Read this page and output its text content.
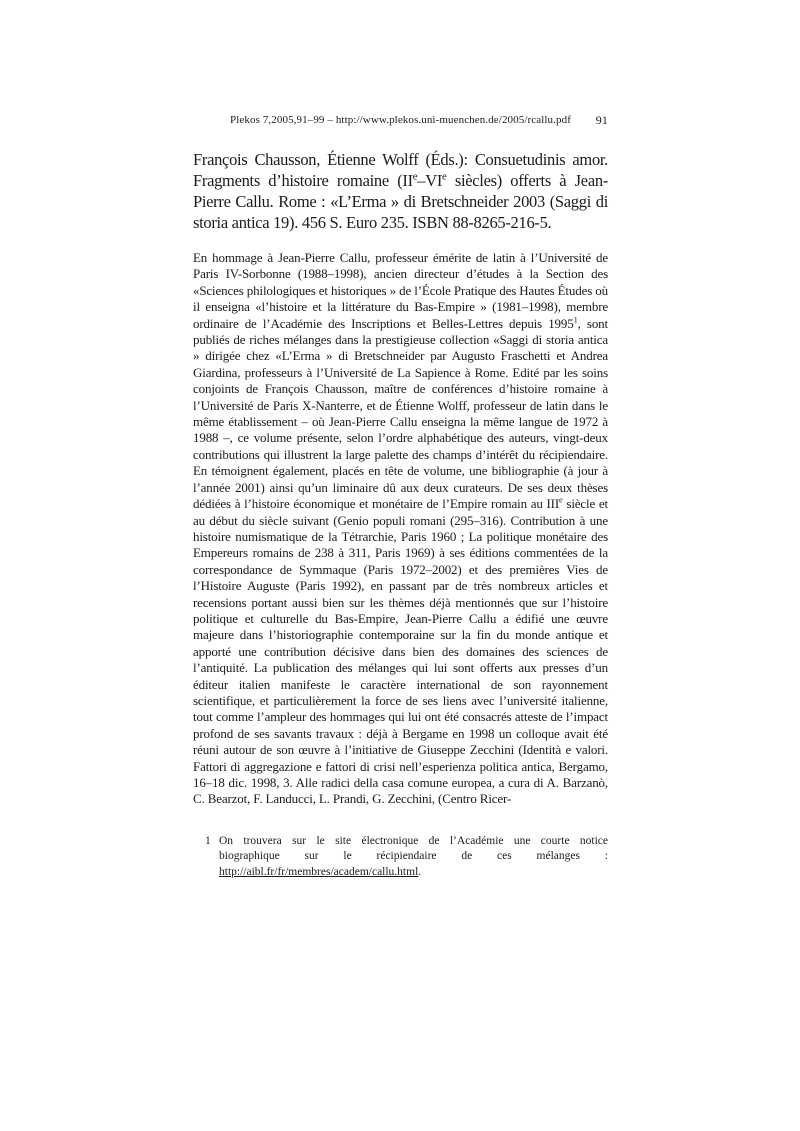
Plekos 7,2005,91–99 – http://www.plekos.uni-muenchen.de/2005/rcallu.pdf	91
François Chausson, Étienne Wolff (Éds.): Consuetudinis amor. Fragments d’histoire romaine (IIe–VIe siècles) offerts à Jean-Pierre Callu. Rome : «L’Erma » di Bretschneider 2003 (Saggi di storia antica 19). 456 S. Euro 235. ISBN 88-8265-216-5.

En hommage à Jean-Pierre Callu, professeur émérite de latin à l’Université de Paris IV-Sorbonne (1988–1998), ancien directeur d’études à la Section des «Sciences philologiques et historiques » de l’École Pratique des Hautes Études où il enseigna «l’histoire et la littérature du Bas-Empire » (1981–1998), membre ordinaire de l’Académie des Inscriptions et Belles-Lettres depuis 1995$^1$, sont publiés de riches mélanges dans la prestigieuse collection «Saggi di storia antica » dirigée chez «L’Erma » di Bretschneider par Augusto Fraschetti et Andrea Giardina, professeurs à l’Université de La Sapience à Rome. Edité par les soins conjoints de François Chausson, maître de conférences d’histoire romaine à l’Université de Paris X-Nanterre, et de Étienne Wolff, professeur de latin dans le même établissement – où Jean-Pierre Callu enseigna la même langue de 1972 à 1988 –, ce volume présente, selon l’ordre alphabétique des auteurs, vingt-deux contributions qui illustrent la large palette des champs d’intérêt du récipiendaire. En témoignent également, placés en tête de volume, une bibliographie (à jour à l’année 2001) ainsi qu’un liminaire dû aux deux curateurs. De ses deux thèses dédiées à l’histoire économique et monétaire de l’Empire romain au IIIe siècle et au début du siècle suivant (Genio populi romani (295–316). Contribution à une histoire numismatique de la Tétrarchie, Paris 1960 ; La politique monétaire des Empereurs romains de 238 à 311, Paris 1969) à ses éditions commentées de la correspondance de Symmaque (Paris 1972–2002) et des premières Vies de l’Histoire Auguste (Paris 1992), en passant par de très nombreux articles et recensions portant aussi bien sur les thèmes déjà mentionnés que sur l’histoire politique et culturelle du Bas-Empire, Jean-Pierre Callu a édifié une œuvre majeure dans l’historiographie contemporaine sur la fin du monde antique et apporté une contribution décisive dans bien des domaines des sciences de l’antiquité. La publication des mélanges qui lui sont offerts aux presses d’un éditeur italien manifeste le caractère international de son rayonnement scientifique, et particulièrement la force de ses liens avec l’université italienne, tout comme l’ampleur des hommages qui lui ont été consacrés atteste de l’impact profond de ses savants travaux : déjà à Bergame en 1998 un colloque avait été réuni autour de son œuvre à l’initiative de Giuseppe Zecchini (Identità e valori. Fattori di aggregazione e fattori di crisi nell’esperienza politica antica, Bergamo, 16–18 dic. 1998, 3. Alle radici della casa comune europea, a cura di A. Barzanò, C. Bearzot, F. Landucci, L. Prandi, G. Zecchini, (Centro Ricer-

1 On trouvera sur le site électronique de l’Académie une courte notice biographique sur le récipiendaire de ces mélanges : http://aibl.fr/fr/membres/academ/callu.html.
